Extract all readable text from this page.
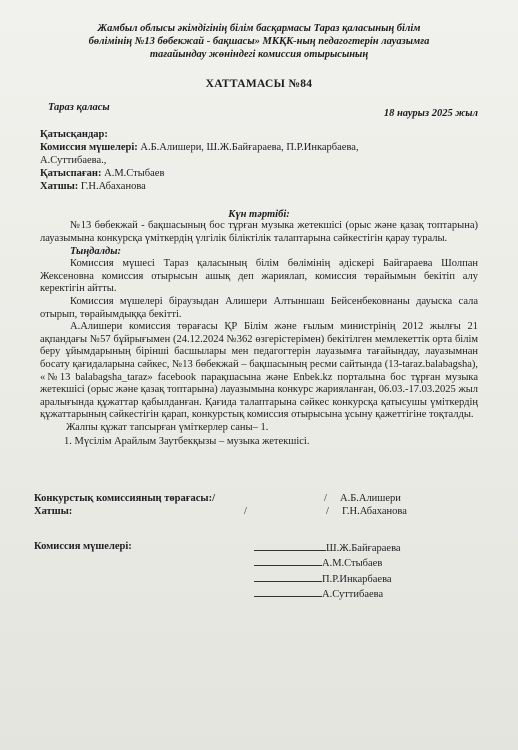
Жамбыл облысы әкімдігінің білім басқармасы Тараз қаласының білім
бөлімінің №13 бөбекжай - бақшасы» МКҚК-ның педагогтерін лауазымға
тағайындау жөніндегі комиссия отырысының
ХАТТАМАСЫ №84
Тараз қаласы
18 наурыз 2025 жыл
Қатысқандар:
Комиссия мүшелері: А.Б.Алишери, Ш.Ж.Байғараева, П.Р.Инкарбаева,
А.Суттибаева.,
Қатыспаған: А.М.Стыбаев
Хатшы: Г.Н.Абаханова
Күн тәртібі:

№13 бөбекжай - бақшасының бос тұрған музыка жетекшісі (орыс және қазақ топтарына) лауазымына конкурсқа үміткердің үлгілік біліктілік талаптарына сәйкестігін қарау туралы.

Тыңдалды:

Комиссия мүшесі Тараз қаласының білім бөлімінің әдіскері Байгараева Шолпан Жексеновна комиссия отырысын ашық деп жариялап, комиссия төрайымын бекітіп алу керектігін айтты.

Комиссия мүшелері біраузыдан Алишери Алтыншаш Бейсенбековнаны дауыска сала отырып, төрайымдыққа бекітті.

А.Алишери комиссия төрағасы ҚР Білім және ғылым министрінің 2012 жылғы 21 ақпандағы №57 бұйрығымен (24.12.2024 №362 өзгерістерімен) бекітілген мемлекеттік орта білім беру ұйымдарының бірінші басшылары мен педагогтерін лауазымға тағайындау, лауазымнан босату қағидаларына сәйкес, №13 бөбекжай – бақшасының ресми сайтында (13-taraz.balabagsha), «№13 balabagsha_taraz» facebook парақшасына және Enbek.kz порталына бос тұрған музыка жетекшісі (орыс және қазақ топтарына) лауазымына конкурс жарияланған, 06.03.-17.03.2025 жыл аралығында құжаттар қабылданған. Қағида талаптарына сәйкес конкурсқа қатысушы үміткердің құжаттарының сәйкестігін қарап, конкурстық комиссия отырысына ұсыну қажеттігіне тоқталды.

Жалпы құжат тапсырған үміткерлер саны– 1.

1. Мүсілім Арайлым Заутбекқызы – музыка жетекшісі.
Конкурстық комиссияның төрағасы:/	/ А.Б.Алишери
Хатшы:	/	/ Г.Н.Абаханова
Комиссия мүшелері:	Ш.Ж.Байғараева
А.М.Стыбаев
П.Р.Инкарбаева
А.Суттибаева
